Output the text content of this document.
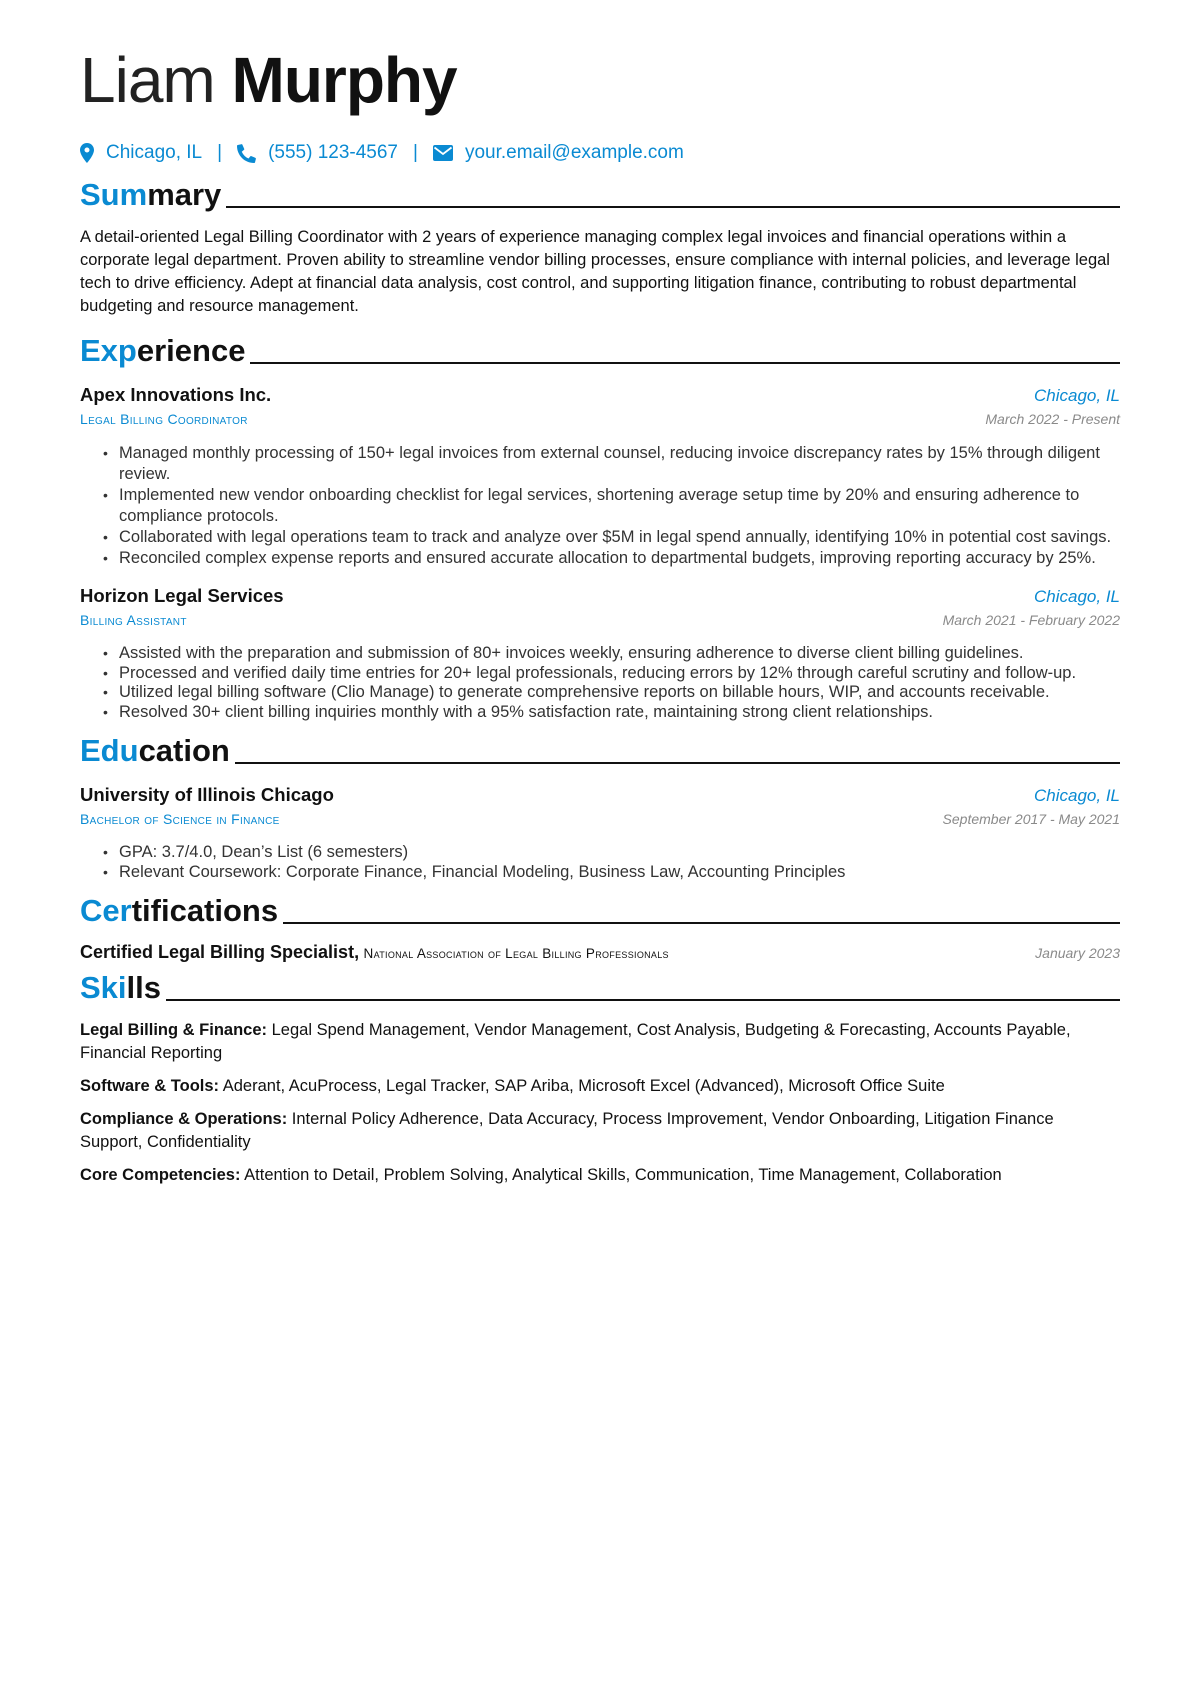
Liam Murphy
Chicago, IL | (555) 123-4567 | your.email@example.com
Summary
A detail-oriented Legal Billing Coordinator with 2 years of experience managing complex legal invoices and financial operations within a corporate legal department. Proven ability to streamline vendor billing processes, ensure compliance with internal policies, and leverage legal tech to drive efficiency. Adept at financial data analysis, cost control, and supporting litigation finance, contributing to robust departmental budgeting and resource management.
Experience
Apex Innovations Inc.	Chicago, IL
Legal Billing Coordinator	March 2022 - Present
• Managed monthly processing of 150+ legal invoices from external counsel, reducing invoice discrepancy rates by 15% through diligent review.
• Implemented new vendor onboarding checklist for legal services, shortening average setup time by 20% and ensuring adherence to compliance protocols.
• Collaborated with legal operations team to track and analyze over $5M in legal spend annually, identifying 10% in potential cost savings.
• Reconciled complex expense reports and ensured accurate allocation to departmental budgets, improving reporting accuracy by 25%.
Horizon Legal Services	Chicago, IL
Billing Assistant	March 2021 - February 2022
• Assisted with the preparation and submission of 80+ invoices weekly, ensuring adherence to diverse client billing guidelines.
• Processed and verified daily time entries for 20+ legal professionals, reducing errors by 12% through careful scrutiny and follow-up.
• Utilized legal billing software (Clio Manage) to generate comprehensive reports on billable hours, WIP, and accounts receivable.
• Resolved 30+ client billing inquiries monthly with a 95% satisfaction rate, maintaining strong client relationships.
Education
University of Illinois Chicago	Chicago, IL
Bachelor of Science in Finance	September 2017 - May 2021
• GPA: 3.7/4.0, Dean’s List (6 semesters)
• Relevant Coursework: Corporate Finance, Financial Modeling, Business Law, Accounting Principles
Certifications
Certified Legal Billing Specialist, National Association of Legal Billing Professionals	January 2023
Skills
Legal Billing & Finance: Legal Spend Management, Vendor Management, Cost Analysis, Budgeting & Forecasting, Accounts Payable, Financial Reporting
Software & Tools: Aderant, AcuProcess, Legal Tracker, SAP Ariba, Microsoft Excel (Advanced), Microsoft Office Suite
Compliance & Operations: Internal Policy Adherence, Data Accuracy, Process Improvement, Vendor Onboarding, Litigation Finance Support, Confidentiality
Core Competencies: Attention to Detail, Problem Solving, Analytical Skills, Communication, Time Management, Collaboration
